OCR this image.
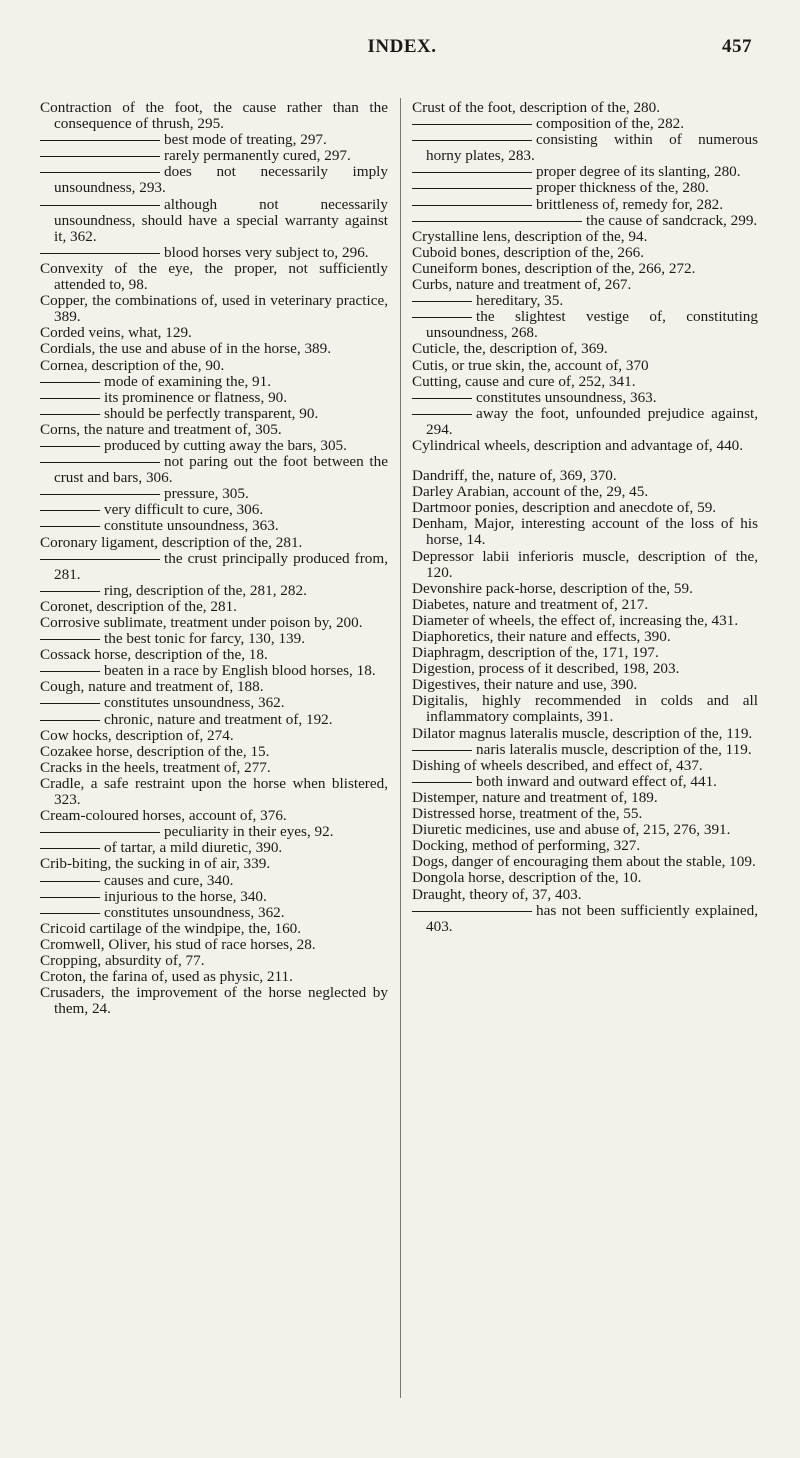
INDEX.	457

Contraction of the foot, the cause rather than the consequence of thrush, 295.

best mode of treating, 297.

rarely permanently cured, 297.

does not necessarily imply unsoundness, 293.

although not necessarily unsoundness, should have a special warranty against it, 362.

blood horses very subject to, 296.

Convexity of the eye, the proper, not sufficiently attended to, 98.

Copper, the combinations of, used in veterinary practice, 389.

Corded veins, what, 129.

Cordials, the use and abuse of in the horse, 389.

Cornea, description of the, 90.

mode of examining the, 91.

its prominence or flatness, 90.

should be perfectly transparent, 90.

Corns, the nature and treatment of, 305.

produced by cutting away the bars, 305.

not paring out the foot between the crust and bars, 306.

pressure, 305.

very difficult to cure, 306.

constitute unsoundness, 363.

Coronary ligament, description of the, 281.

the crust principally produced from, 281.

ring, description of the, 281, 282.

Coronet, description of the, 281.

Corrosive sublimate, treatment under poison by, 200.

the best tonic for farcy, 130, 139.

Cossack horse, description of the, 18.

beaten in a race by English blood horses, 18.

Cough, nature and treatment of, 188.

constitutes unsoundness, 362.

chronic, nature and treatment of, 192.

Cow hocks, description of, 274.

Cozakee horse, description of the, 15.

Cracks in the heels, treatment of, 277.

Cradle, a safe restraint upon the horse when blistered, 323.

Cream-coloured horses, account of, 376.

peculiarity in their eyes, 92.

of tartar, a mild diuretic, 390.

Crib-biting, the sucking in of air, 339.

causes and cure, 340.

injurious to the horse, 340.

constitutes unsoundness, 362.

Cricoid cartilage of the windpipe, the, 160.

Cromwell, Oliver, his stud of race horses, 28.

Cropping, absurdity of, 77.

Croton, the farina of, used as physic, 211.

Crusaders, the improvement of the horse neglected by them, 24.

Crust of the foot, description of the, 280.

composition of the, 282.

consisting within of numerous horny plates, 283.

proper degree of its slanting, 280.

proper thickness of the, 280.

brittleness of, remedy for, 282.

the cause of sandcrack, 299.

Crystalline lens, description of the, 94.

Cuboid bones, description of the, 266.

Cuneiform bones, description of the, 266, 272.

Curbs, nature and treatment of, 267.

hereditary, 35.

the slightest vestige of, constituting unsoundness, 268.

Cuticle, the, description of, 369.

Cutis, or true skin, the, account of, 370

Cutting, cause and cure of, 252, 341.

constitutes unsoundness, 363.

away the foot, unfounded prejudice against, 294.

Cylindrical wheels, description and advantage of, 440.

Dandriff, the, nature of, 369, 370.

Darley Arabian, account of the, 29, 45.

Dartmoor ponies, description and anecdote of, 59.

Denham, Major, interesting account of the loss of his horse, 14.

Depressor labii inferioris muscle, description of the, 120.

Devonshire pack-horse, description of the, 59.

Diabetes, nature and treatment of, 217.

Diameter of wheels, the effect of, increasing the, 431.

Diaphoretics, their nature and effects, 390.

Diaphragm, description of the, 171, 197.

Digestion, process of it described, 198, 203.

Digestives, their nature and use, 390.

Digitalis, highly recommended in colds and all inflammatory complaints, 391.

Dilator magnus lateralis muscle, description of the, 119.

naris lateralis muscle, description of the, 119.

Dishing of wheels described, and effect of, 437.

both inward and outward effect of, 441.

Distemper, nature and treatment of, 189.

Distressed horse, treatment of the, 55.

Diuretic medicines, use and abuse of, 215, 276, 391.

Docking, method of performing, 327.

Dogs, danger of encouraging them about the stable, 109.

Dongola horse, description of the, 10.

Draught, theory of, 37, 403.

has not been sufficiently explained, 403.
